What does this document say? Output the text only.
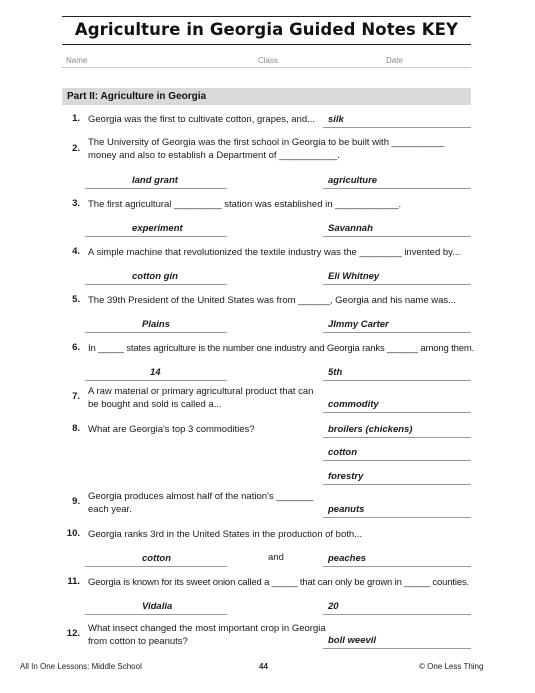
Agriculture in Georgia Guided Notes KEY
Name	Class	Date
Part II: Agriculture in Georgia
1. Georgia was the first to cultivate cotton, grapes, and... silk
2.
The University of Georgia was the first school in Georgia to be built with __________
money and also to establish a Department of ___________.
land grant	agriculture
3. The first agricultural _________ station was established in ____________.
experiment	Savannah
4. A simple machine that revolutionized the textile industry was the ________ invented by...
cotton gin	Eli Whitney
5. The 39th President of the United States was from ______, Georgia and his name was...
Plains	JImmy Carter
6. In _____ states agriculture is the number one industry and Georgia ranks ______ among them.
14	5th
7. A raw material or primary agricultural product that can
be bought and sold is called a...	commodity
8. What are Georgia's top 3 commodities?	broilers (chickens)
cotton
forestry
9. Georgia produces almost half of the nation's _______
each year.	peanuts
10. Georgia ranks 3rd in the United States in the production of both...
cotton	and	peaches
11. Georgia is known for its sweet onion called a _____ that can only be grown in _____ counties.
Vidalia	20
12. What insect changed the most important crop in Georgia
from cotton to peanuts?	boll weevil
All In One Lessons: Middle School	44	© One Less Thing
